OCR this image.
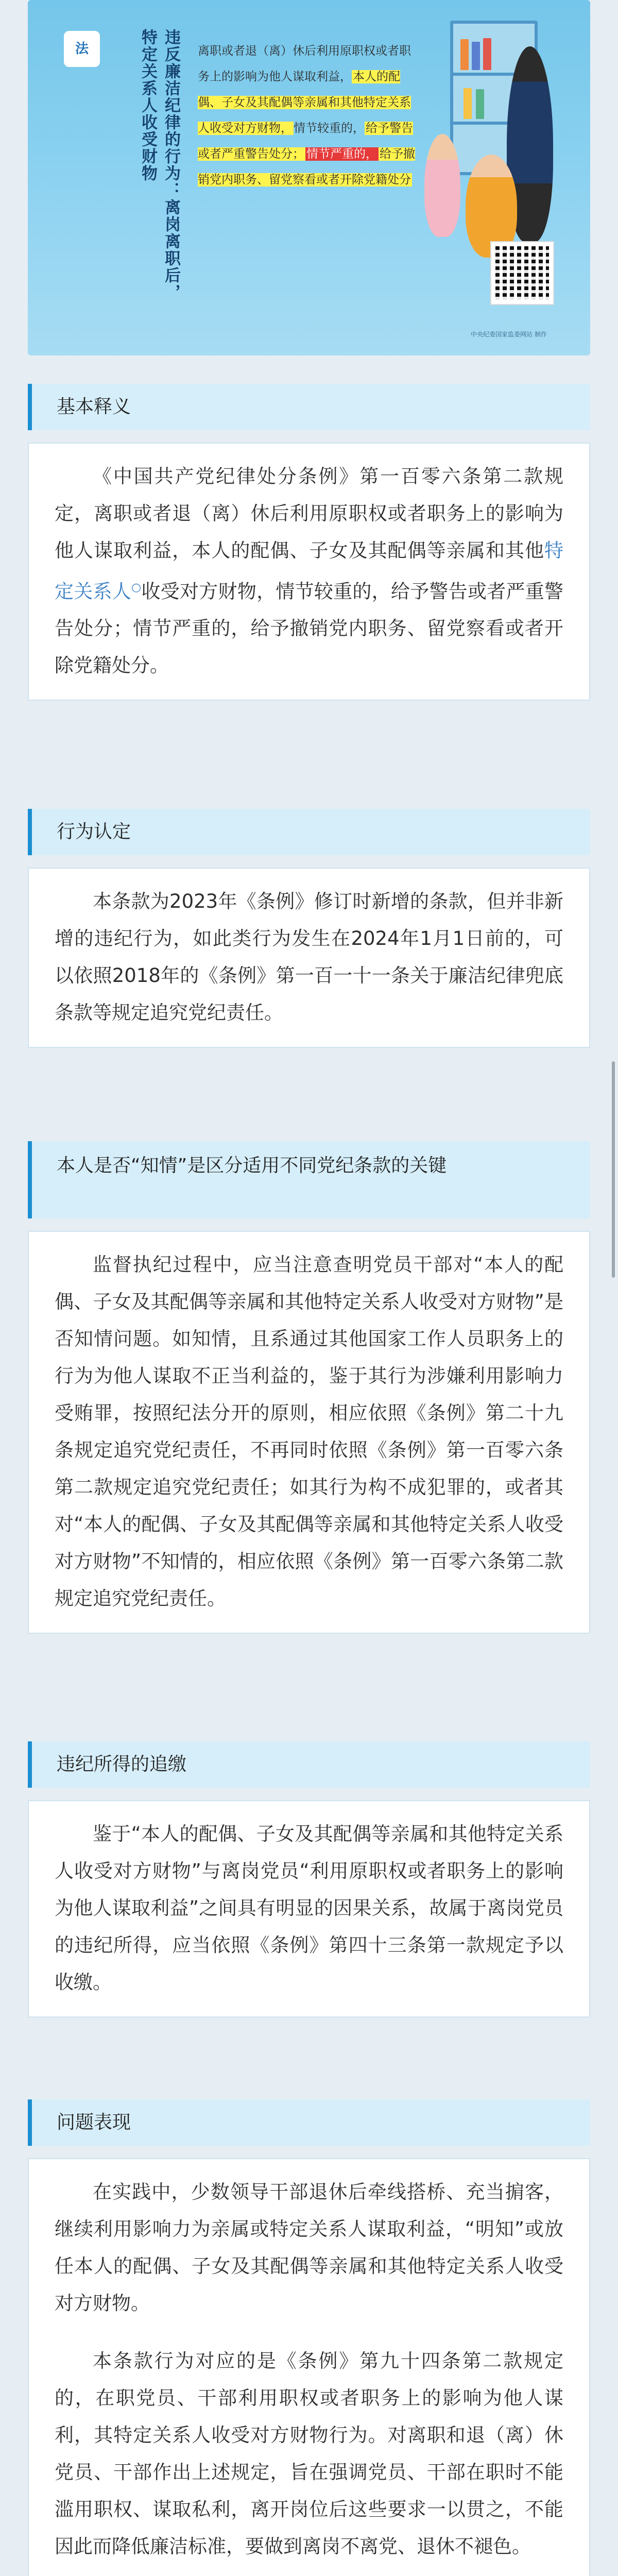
法	违反廉洁纪律的行为：离岗离职后，特定关系人收受财物	离职或者退（离）休后利用原职权或者职务上的影响为他人谋取利益，本人的配偶、子女及其配偶等亲属和其他特定关系人收受对方财物，情节较重的，给予警告或者严重警告处分； 情节严重的， 给予撤销党内职务、留党察看或者开除党籍处分
中央纪委国家监委网站 制作
基本释义

《中国共产党纪律处分条例》第一百零六条第二款规定，离职或者退（离）休后利用原职权或者职务上的影响为他人谋取利益，本人的配偶、子女及其配偶等亲属和其他特定关系人○收受对方财物，情节较重的，给予警告或者严重警告处分；情节严重的，给予撤销党内职务、留党察看或者开除党籍处分。

行为认定

本条款为2023年《条例》修订时新增的条款，但并非新增的违纪行为，如此类行为发生在2024年1月1日前的，可以依照2018年的《条例》第一百一十一条关于廉洁纪律兜底条款等规定追究党纪责任。

本人是否“知情”是区分适用不同党纪条款的关键

监督执纪过程中，应当注意查明党员干部对“本人的配偶、子女及其配偶等亲属和其他特定关系人收受对方财物”是否知情问题。如知情，且系通过其他国家工作人员职务上的行为为他人谋取不正当利益的，鉴于其行为涉嫌利用影响力受贿罪，按照纪法分开的原则，相应依照《条例》第二十九条规定追究党纪责任，不再同时依照《条例》第一百零六条第二款规定追究党纪责任；如其行为构不成犯罪的，或者其对“本人的配偶、子女及其配偶等亲属和其他特定关系人收受对方财物”不知情的，相应依照《条例》第一百零六条第二款规定追究党纪责任。

违纪所得的追缴

鉴于“本人的配偶、子女及其配偶等亲属和其他特定关系人收受对方财物”与离岗党员“利用原职权或者职务上的影响为他人谋取利益”之间具有明显的因果关系，故属于离岗党员的违纪所得，应当依照《条例》第四十三条第一款规定予以收缴。

问题表现

在实践中，少数领导干部退休后牵线搭桥、充当掮客，继续利用影响力为亲属或特定关系人谋取利益，“明知”或放任本人的配偶、子女及其配偶等亲属和其他特定关系人收受对方财物。

本条款行为对应的是《条例》第九十四条第二款规定的，在职党员、干部利用职权或者职务上的影响为他人谋利，其特定关系人收受对方财物行为。对离职和退（离）休党员、干部作出上述规定，旨在强调党员、干部在职时不能滥用职权、谋取私利，离开岗位后这些要求一以贯之，不能因此而降低廉洁标准，要做到离岗不离党、退休不褪色。
